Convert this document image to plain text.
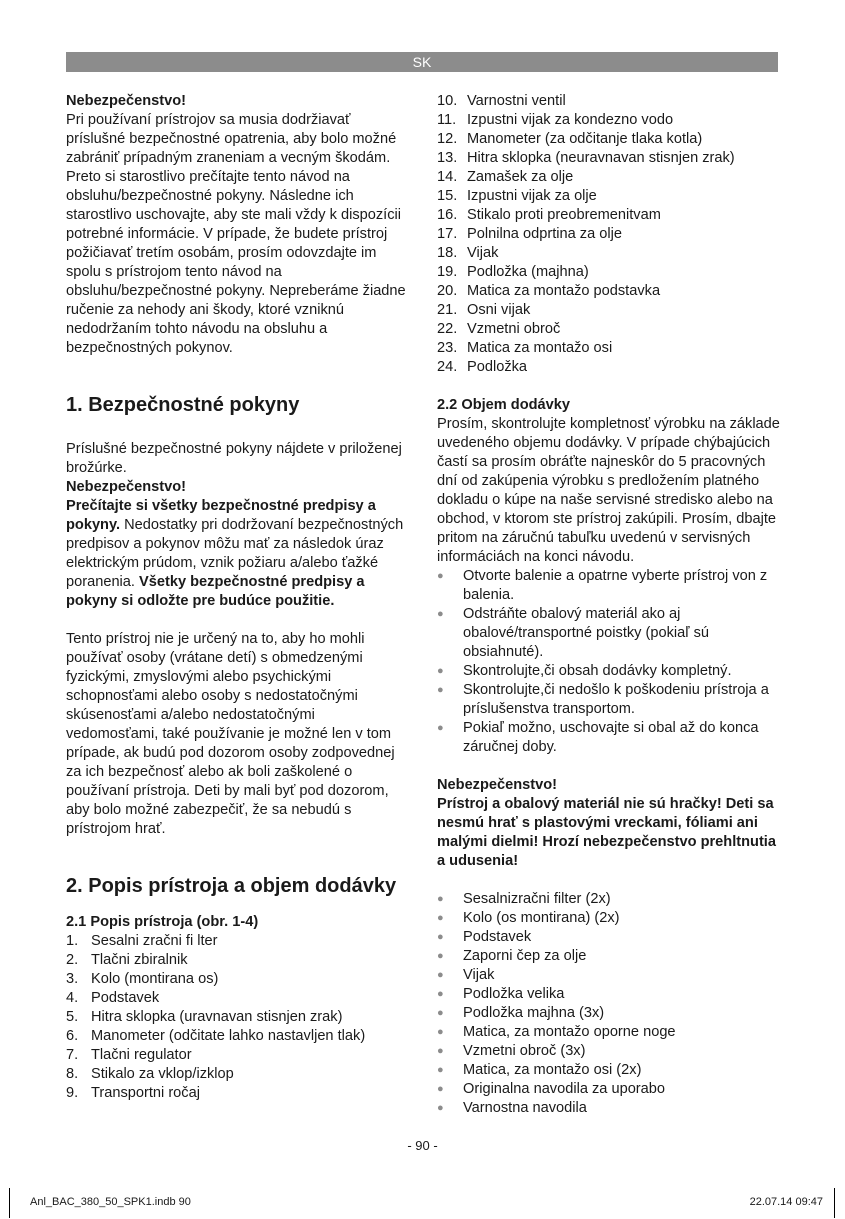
SK

Nebezpečenstvo!

Pri používaní prístrojov sa musia dodržiavať príslušné bezpečnostné opatrenia, aby bolo možné zabrániť prípadným zraneniam a vecným škodám. Preto si starostlivo prečítajte tento návod na obsluhu/bezpečnostné pokyny. Následne ich starostlivo uschovajte, aby ste mali vždy k dispozícii potrebné informácie. V prípade, že budete prístroj požičiavať tretím osobám, prosím odovzdajte im spolu s prístrojom tento návod na obsluhu/bezpečnostné pokyny. Nepreberáme žiadne ručenie za nehody ani škody, ktoré vzniknú nedodržaním tohto návodu na obsluhu a bezpečnostných pokynov.

1. Bezpečnostné pokyny

Príslušné bezpečnostné pokyny nájdete v priloženej brožúrke.

Nebezpečenstvo!

Prečítajte si všetky bezpečnostné predpisy a pokyny. Nedostatky pri dodržovaní bezpečnostných predpisov a pokynov môžu mať za následok úraz elektrickým prúdom, vznik požiaru a/alebo ťažké poranenia. Všetky bezpečnostné predpisy a pokyny si odložte pre budúce použitie.

Tento prístroj nie je určený na to, aby ho mohli používať osoby (vrátane detí) s obmedzenými fyzickými, zmyslovými alebo psychickými schopnosťami alebo osoby s nedostatočnými skúsenosťami a/alebo nedostatočnými vedomosťami, také používanie je možné len v tom prípade, ak budú pod dozorom osoby zodpovednej za ich bezpečnosť alebo ak boli zaškolené o používaní prístroja. Deti by mali byť pod dozorom, aby bolo možné zabezpečiť, že sa nebudú s prístrojom hrať.

2. Popis prístroja a objem dodávky
2.1 Popis prístroja (obr. 1-4)
1. Sesalni zračni fi lter
2. Tlačni zbiralnik
3. Kolo (montirana os)
4. Podstavek
5. Hitra sklopka (uravnavan stisnjen zrak)
6. Manometer (odčitate lahko nastavljen tlak)
7. Tlačni regulator
8. Stikalo za vklop/izklop
9. Transportni ročaj
10. Varnostni ventil
11. Izpustni vijak za kondezno vodo
12. Manometer (za odčitanje tlaka kotla)
13. Hitra sklopka (neuravnavan stisnjen zrak)
14. Zamašek za olje
15. Izpustni vijak za olje
16. Stikalo proti preobremenitvam
17. Polnilna odprtina za olje
18. Vijak
19. Podložka (majhna)
20. Matica za montažo podstavka
21. Osni vijak
22. Vzmetni obroč
23. Matica za montažo osi
24. Podložka
2.2 Objem dodávky

Prosím, skontrolujte kompletnosť výrobku na základe uvedeného objemu dodávky. V prípade chýbajúcich častí sa prosím obráťte najneskôr do 5 pracovných dní od zakúpenia výrobku s predložením platného dokladu o kúpe na naše servisné stredisko alebo na obchod, v ktorom ste prístroj zakúpili. Prosím, dbajte pritom na záručnú tabuľku uvedenú v servisných informáciách na konci návodu.

●	Otvorte balenie a opatrne vyberte prístroj von z balenia.
●	Odstráňte obalový materiál ako aj obalové/transportné poistky (pokiaľ sú obsiahnuté).
●	Skontrolujte,či obsah dodávky kompletný.
●	Skontrolujte,či nedošlo k poškodeniu prístroja a príslušenstva transportom.
●	Pokiaľ možno, uschovajte si obal až do konca záručnej doby.

Nebezpečenstvo!

Prístroj a obalový materiál nie sú hračky! Deti sa nesmú hrať s plastovými vreckami, fóliami ani malými dielmi! Hrozí nebezpečenstvo prehltnutia a udusenia!

●	Sesalnizračni filter (2x)
●	Kolo (os montirana) (2x)
●	Podstavek
●	Zaporni čep za olje
●	Vijak
●	Podložka velika
●	Podložka majhna (3x)
●	Matica, za montažo oporne noge
●	Vzmetni obroč (3x)
●	Matica, za montažo osi (2x)
●	Originalna navodila za uporabo
●	Varnostna navodila
- 90 -
Anl_BAC_380_50_SPK1.indb 90	22.07.14 09:47
